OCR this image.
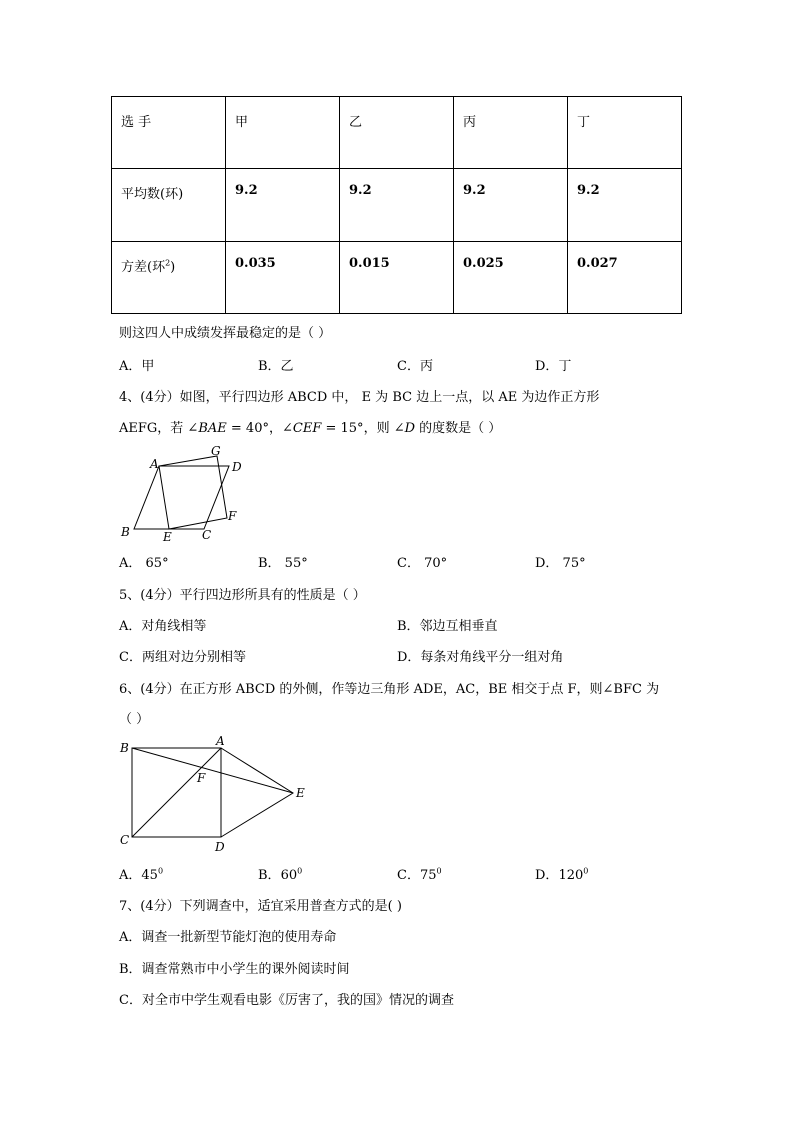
选 手	甲	乙	丙	丁
平均数(环)	9.2	9.2	9.2	9.2
方差(环$^2$)	0.035	0.015	0.025	0.027
则这四人中成绩发挥最稳定的是（ ）
A．甲	B．乙	C．丙	D．丁
4、(4分）如图，平行四边形 ABCD 中， E 为 BC 边上一点，以 AE 为边作正方形
AEFG，若 ∠BAE = 40°，∠CEF = 15°，则 ∠D 的度数是（ ）
A
G
D
B	E	C
F
A． 65°	B． 55°	C． 70°	D． 75°
5、(4分）平行四边形所具有的性质是（ ）
A．对角线相等	B．邻边互相垂直
C．两组对边分别相等	D．每条对角线平分一组对角
6、(4分）在正方形 ABCD 的外侧，作等边三角形 ADE，AC，BE 相交于点 F，则∠BFC 为
（ ）
B	A
F
E
C	D
A．$45^0$	B．$60^0$	C．$75^0$	D．$120^0$
7、(4分）下列调查中，适宜采用普查方式的是( )
A．调查一批新型节能灯泡的使用寿命
B．调查常熟市中小学生的课外阅读时间
C．对全市中学生观看电影《厉害了，我的国》情况的调查
